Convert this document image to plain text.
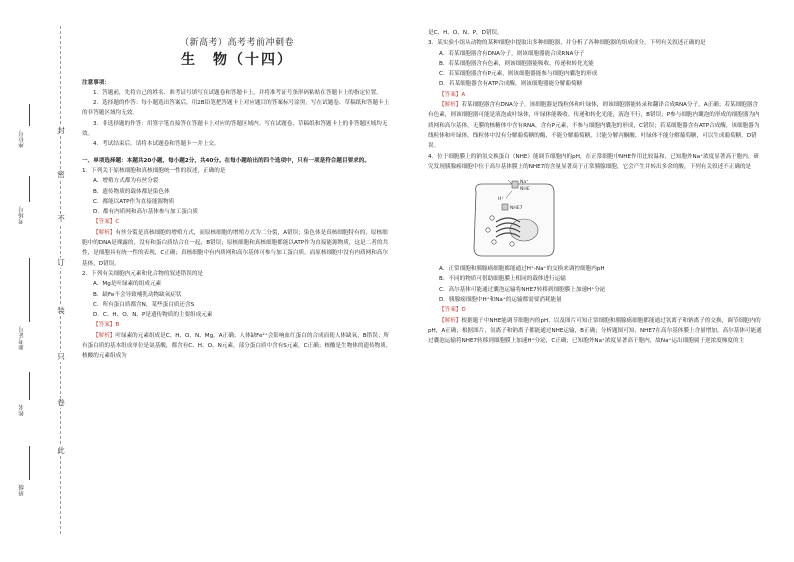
封
密
不
订
装
只
卷
此
座位号
考场号
准考证号
姓名
班级

（新高考）高考考前冲刺卷

生　物（十四）

注意事项：

1．答题前，先将自己的姓名、准考证号填写在试题卷和答题卡上，并将准考证号条形码粘贴在答题卡上的指定位置。

2．选择题的作答：每小题选出答案后，用2B铅笔把答题卡上对应题目的答案标号涂黑，写在试题卷、草稿纸和答题卡上的非答题区域均无效。

3．非选择题的作答：用签字笔直接答在答题卡上对应的答题区域内。写在试题卷、草稿纸和答题卡上的非答题区域均无效。

4．考试结束后，请将本试题卷和答题卡一并上交。

一、单项选择题：本题共20小题，每小题2分，共40分。在每小题给出的四个选项中，只有一项是符合题目要求的。

1．下列关于原核细胞和真核细胞统一性的叙述，正确的是

A．增殖方式都为有丝分裂

B．遗传物质的载体都是染色体

C．都能以ATP作为直接能源物质

D．都有内质网和高尔基体参与加工蛋白质

【答案】C

【解析】有丝分裂是真核细胞的增殖方式，而原核细胞的增殖方式为二分裂，A错误；染色体是真核细胞特有的，原核细胞中的DNA是裸露的，没有和蛋白质结合在一起，B错误；原核细胞和真核细胞都能以ATP作为直接能源物质，这是二者的共性，是细胞具有统一性的表现，C正确；真核细胞中有内质网和高尔基体可参与加工蛋白质，而原核细胞中没有内质网和高尔基体，D错误。

2．下列有关细胞内元素和化合物的叙述错误的是

A．Mg是叶绿素的组成元素

B．缺Fe不会导致哺乳动物缺氧症状

C．所有蛋白质都含N，某些蛋白质还含S

D．C、H、O、N、P是遗传物质的主要组成元素

【答案】B

【解析】叶绿素的元素组成是C、H、O、N、Mg，A正确；人体缺Fe²⁺会影响血红蛋白的合成而使人体缺氧，B错误；所有蛋白质的基本组成单位是氨基酸，都含有C、H、O、N元素，部分蛋白质中含有S元素，C正确；核酸是生物体的遗传物质，核酸的元素组成为

是C、H、O、N、P，D错误。

3．某实验小组从动物的某种细胞中提取出多种细胞器，并分析了各种细胞器的组成成分。下列有关叙述正确的是

A．若某细胞器含有DNA分子，则该细胞器能合成RNA分子

B．若某细胞器含有色素，则该细胞器能吸收、传递和转化光能

C．若某细胞器含有P元素，则该细胞器能参与细胞内囊泡的形成

D．若某细胞器含有ATP合成酶，则该细胞器能分解葡萄糖

【答案】A

【解析】若某细胞器含有DNA分子，该细胞器是线粒体和叶绿体，则该细胞器能转录和翻译合成RNA分子，A正确；若某细胞器含有色素，则该细胞器可能是液泡或叶绿体，叶绿体能吸收、传递和转化光能，液泡不行，B错误；P参与细胞内囊泡的形成的细胞器为内质网和高尔基体，无膜的核糖体中含有RNA，含有P元素，不参与细胞内囊泡的形成，C错误；若某细胞器含有ATP合成酶，该细胞器为线粒体和叶绿体，线粒体中没有分解葡萄糖的酶，不能分解葡萄糖，只能分解丙酮酸，叶绿体不能分解葡萄糖，可以生成葡萄糖，D错误。

4．位于细胞膜上的钠氢交换蛋白（NHE）能调节细胞内的pH，在正常细胞中NHE作用比较温和，已知胞外Na⁺浓度显著高于胞内，研究发现胰腺癌细胞中位于高尔基体膜上的NHE7的含量显著高于正常胰腺细胞，它会产生并转出多余的酸，下列有关叙述不正确的是

Na⁺
NHE
H⁺
NHE7

A．正常细胞和胰腺癌细胞都能通过H⁺-Na⁺的交换来调控细胞内pH

B．不同的物质可借助细胞膜上相同的载体进行运输

C．高尔基体可能通过囊泡运输将NHE7转移到细胞膜上加速H⁺分泌

D．胰腺癌细胞中H⁺和Na⁺的运输都需要消耗能量

【答案】D

【解析】根据题干中NHE能调节细胞内的pH，以及图片可知正常细胞和胰腺癌细胞都能通过氢离子和钠离子的交换，调节细胞内的pH，A正确；根据图片，氢离子和钠离子都能通过NHE运输，B正确；分析题图可知，NHE7在高尔基体膜上含量增加，高尔基体可能通过囊泡运输将NHE7转移到细胞膜上加速H⁺分泌，C正确；已知胞外Na⁺浓度显著高于胞内，故Na⁺运出细胞属于逆浓度梯度的主
